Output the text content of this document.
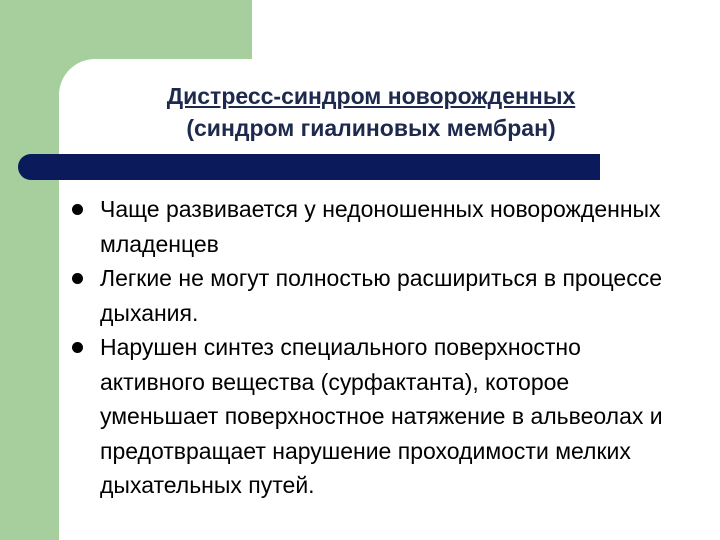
Дистресс-синдром новорожденных
(синдром гиалиновых мембран)
Чаще развивается у недоношенных новорожденных младенцев
Легкие не могут полностью расшириться в процессе дыхания.
Нарушен синтез специального поверхностно активного вещества (сурфактанта), которое уменьшает поверхностное натяжение в альвеолах и предотвращает нарушение проходимости мелких дыхательных путей.
